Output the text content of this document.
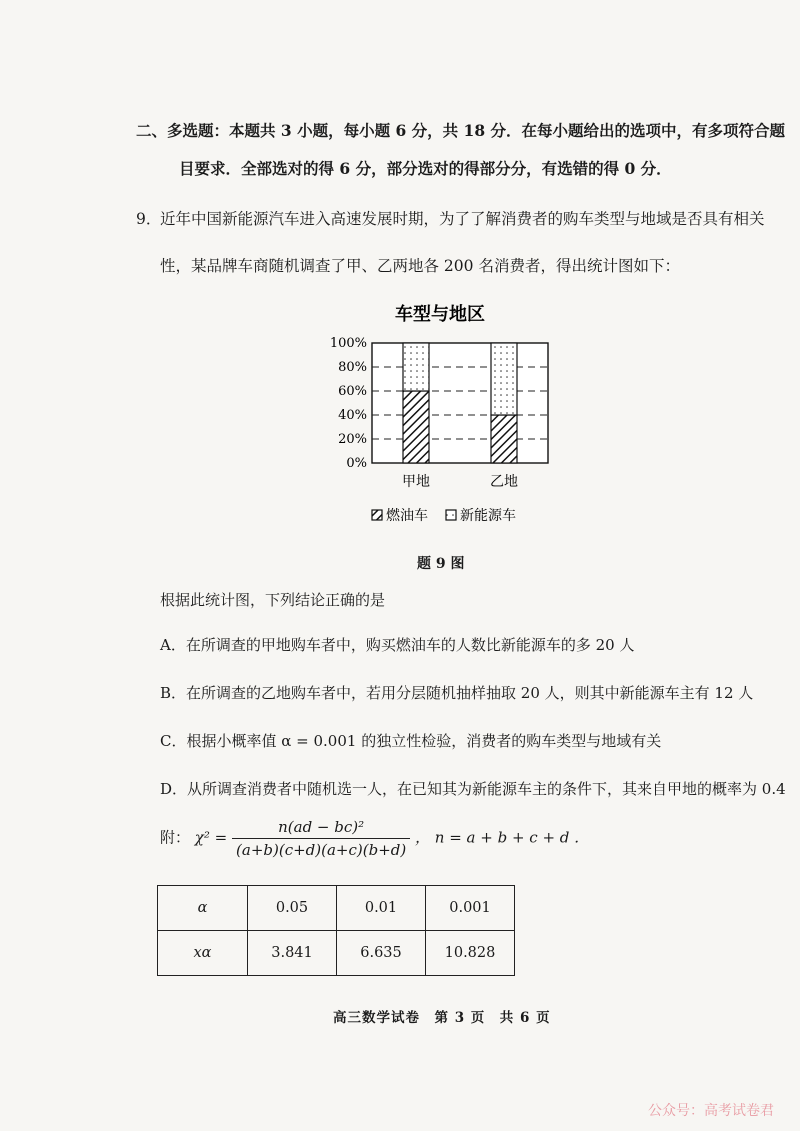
二、多选题：本题共 3 小题，每小题 6 分，共 18 分．在每小题给出的选项中，有多项符合题
目要求．全部选对的得 6 分，部分选对的得部分分，有选错的得 0 分．
9．
近年中国新能源汽车进入高速发展时期，为了了解消费者的购车类型与地域是否具有相关
性，某品牌车商随机调查了甲、乙两地各 200 名消费者，得出统计图如下：
车型与地区
0%
20%
40%
60%
80%
100%
甲地	乙地
燃油车 新能源车
题 9 图
根据此统计图，下列结论正确的是
A．在所调查的甲地购车者中，购买燃油车的人数比新能源车的多 20 人
B．在所调查的乙地购车者中，若用分层随机抽样抽取 20 人，则其中新能源车主有 12 人
C．根据小概率值 α = 0.001 的独立性检验，消费者的购车类型与地域有关
D．从所调查消费者中随机选一人，在已知其为新能源车主的条件下，其来自甲地的概率为 0.4
附： $\chi^2 = \frac{\text{n(ad − bc)²}}{(a+b)(c+d)(a+c)(b+d)}$ ， n = a + b + c + d ．
α	0.05	0.01	0.001
xα	3.841	6.635	10.828
高三数学试卷　第 3 页　共 6 页
公众号：高考试卷君
